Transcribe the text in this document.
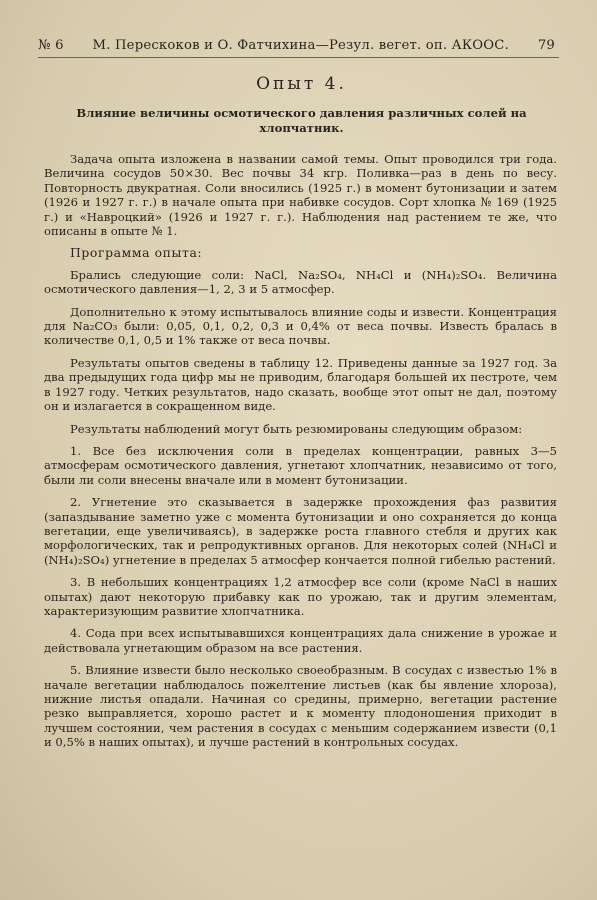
№ 6 М. Перескоков и О. Фатчихина—Резул. вегет. оп. АКООС. 79
Опыт 4.
Влияние величины осмотического давления различных солей на хлопчатник.

Задача опыта изложена в названии самой темы. Опыт проводился три года. Величина сосудов 50×30. Вес почвы 34 кгр. Поливка—раз в день по весу. Повторность двукратная. Соли вносились (1925 г.) в момент бутонизации и затем (1926 и 1927 г. г.) в начале опыта при набивке сосудов. Сорт хлопка № 169 (1925 г.) и «Навроцкий» (1926 и 1927 г. г.). Наблюдения над растением те же, что описаны в опыте № 1.

Программа опыта:

Брались следующие соли: NaCl, Na₂SO₄, NH₄Cl и (NH₄)₂SO₄. Величина осмотического давления—1, 2, 3 и 5 атмосфер.

Дополнительно к этому испытывалось влияние соды и извести. Концентрация для Na₂CO₃ были: 0,05, 0,1, 0,2, 0,3 и 0,4% от веса почвы. Известь бралась в количестве 0,1, 0,5 и 1% также от веса почвы.

Результаты опытов сведены в таблицу 12. Приведены данные за 1927 год. За два предыдущих года цифр мы не приводим, благодаря большей их пестроте, чем в 1927 году. Четких результатов, надо сказать, вообще этот опыт не дал, поэтому он и излагается в сокращенном виде.

Результаты наблюдений могут быть резюмированы следующим образом:

1. Все без исключения соли в пределах концентрации, равных 3—5 атмосферам осмотического давления, угнетают хлопчатник, независимо от того, были ли соли внесены вначале или в момент бутонизации.

2. Угнетение это сказывается в задержке прохождения фаз развития (запаздывание заметно уже с момента бутонизации и оно сохраняется до конца вегетации, еще увеличиваясь), в задержке роста главного стебля и других как морфологических, так и репродуктивных органов. Для некоторых солей (NH₄Cl и (NH₄)₂SO₄) угнетение в пределах 5 атмосфер кончается полной гибелью растений.

3. В небольших концентрациях 1,2 атмосфер все соли (кроме NaCl в наших опытах) дают некоторую прибавку как по урожаю, так и другим элементам, характеризующим развитие хлопчатника.

4. Сода при всех испытывавшихся концентрациях дала снижение в урожае и действовала угнетающим образом на все растения.

5. Влияние извести было несколько своеобразным. В сосудах с известью 1% в начале вегетации наблюдалось пожелтение листьев (как бы явление хлороза), нижние листья опадали. Начиная со средины, примерно, вегетации растение резко выправляется, хорошо растет и к моменту плодоношения приходит в лучшем состоянии, чем растения в сосудах с меньшим содержанием извести (0,1 и 0,5% в наших опытах), и лучше растений в контрольных сосудах.
